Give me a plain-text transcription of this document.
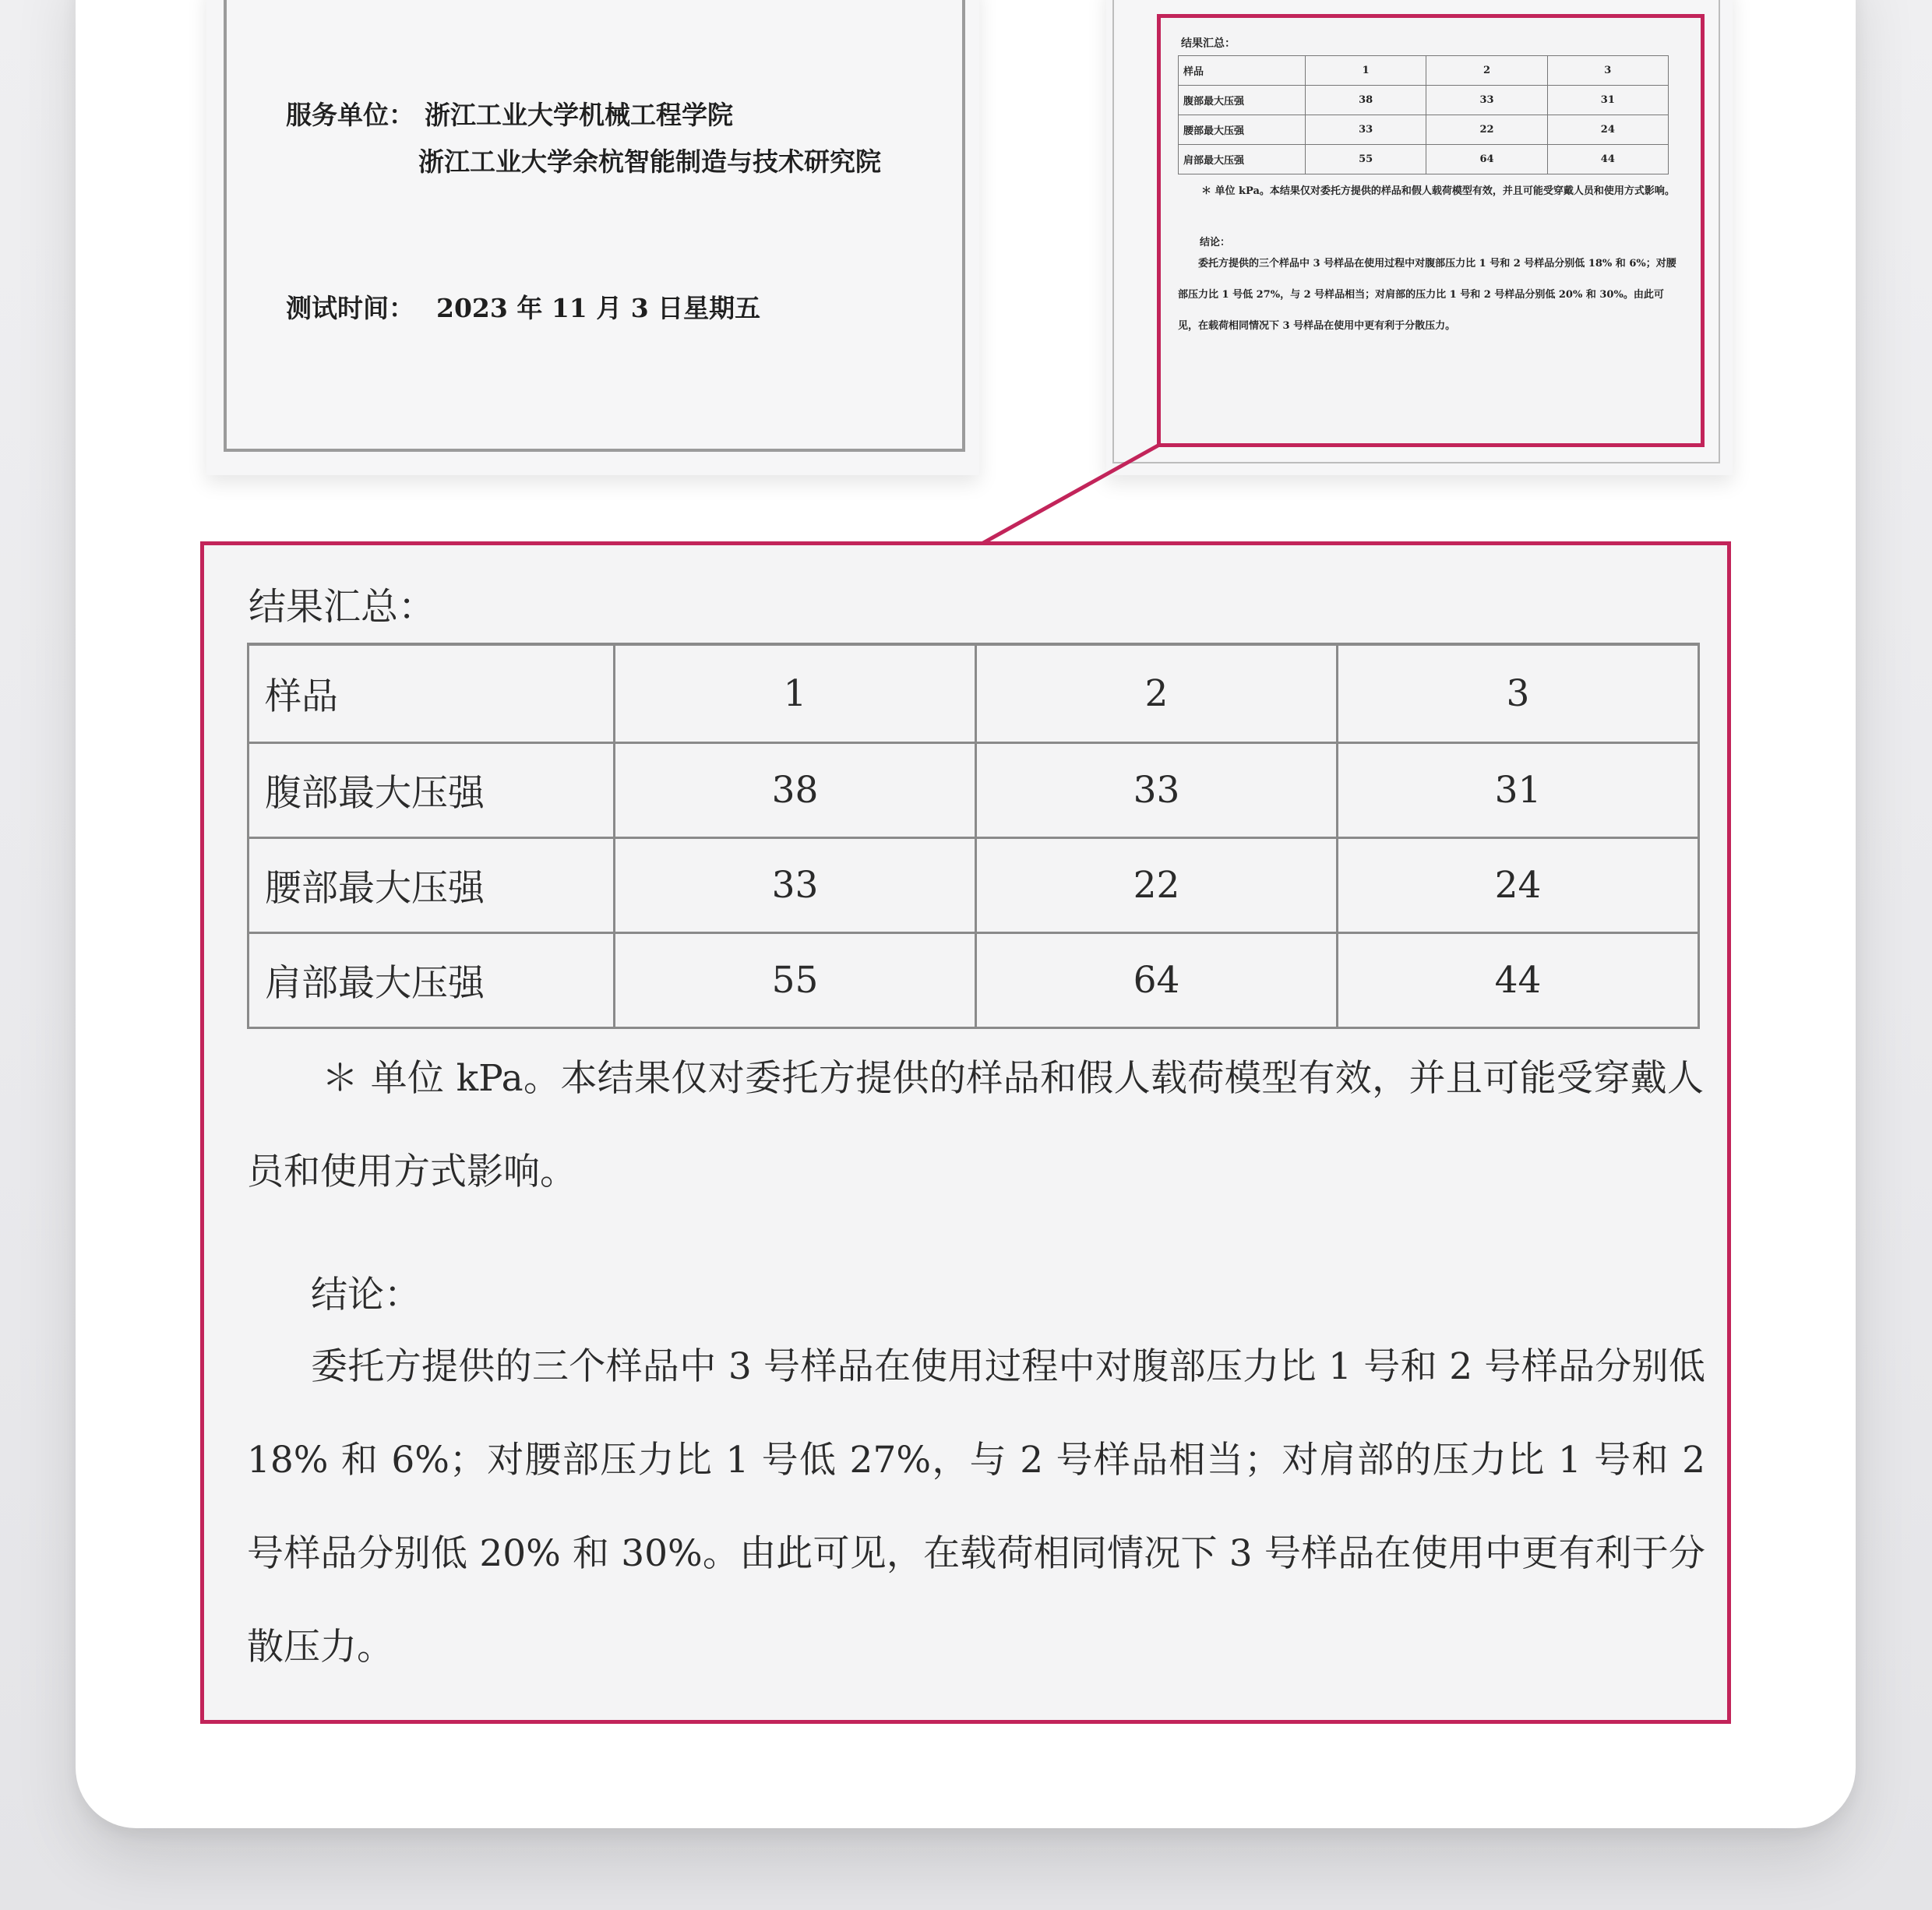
服务单位： 浙江工业大学机械工程学院
浙江工业大学余杭智能制造与技术研究院
测试时间： 2023 年 11 月 3 日星期五
结果汇总：
样品	1	2	3
腹部最大压强	38	33	31
腰部最大压强	33	22	24
肩部最大压强	55	64	44
＊ 单位 kPa。本结果仅对委托方提供的样品和假人载荷模型有效，并且可能受穿戴人员和使用方式影响。
结论：
委托方提供的三个样品中 3 号样品在使用过程中对腹部压力比 1 号和 2 号样品分别低 18% 和 6%；对腰部压力比 1 号低 27%，与 2 号样品相当；对肩部的压力比 1 号和 2 号样品分别低 20% 和 30%。由此可见，在载荷相同情况下 3 号样品在使用中更有利于分散压力。
结果汇总：
样品	1	2	3
腹部最大压强	38	33	31
腰部最大压强	33	22	24
肩部最大压强	55	64	44
＊ 单位 kPa。本结果仅对委托方提供的样品和假人载荷模型有效，并且可能受穿戴人员和使用方式影响。
结论：
委托方提供的三个样品中 3 号样品在使用过程中对腹部压力比 1 号和 2 号样品分别低 18% 和 6%；对腰部压力比 1 号低 27%，与 2 号样品相当；对肩部的压力比 1 号和 2 号样品分别低 20% 和 30%。由此可见，在载荷相同情况下 3 号样品在使用中更有利于分散压力。
